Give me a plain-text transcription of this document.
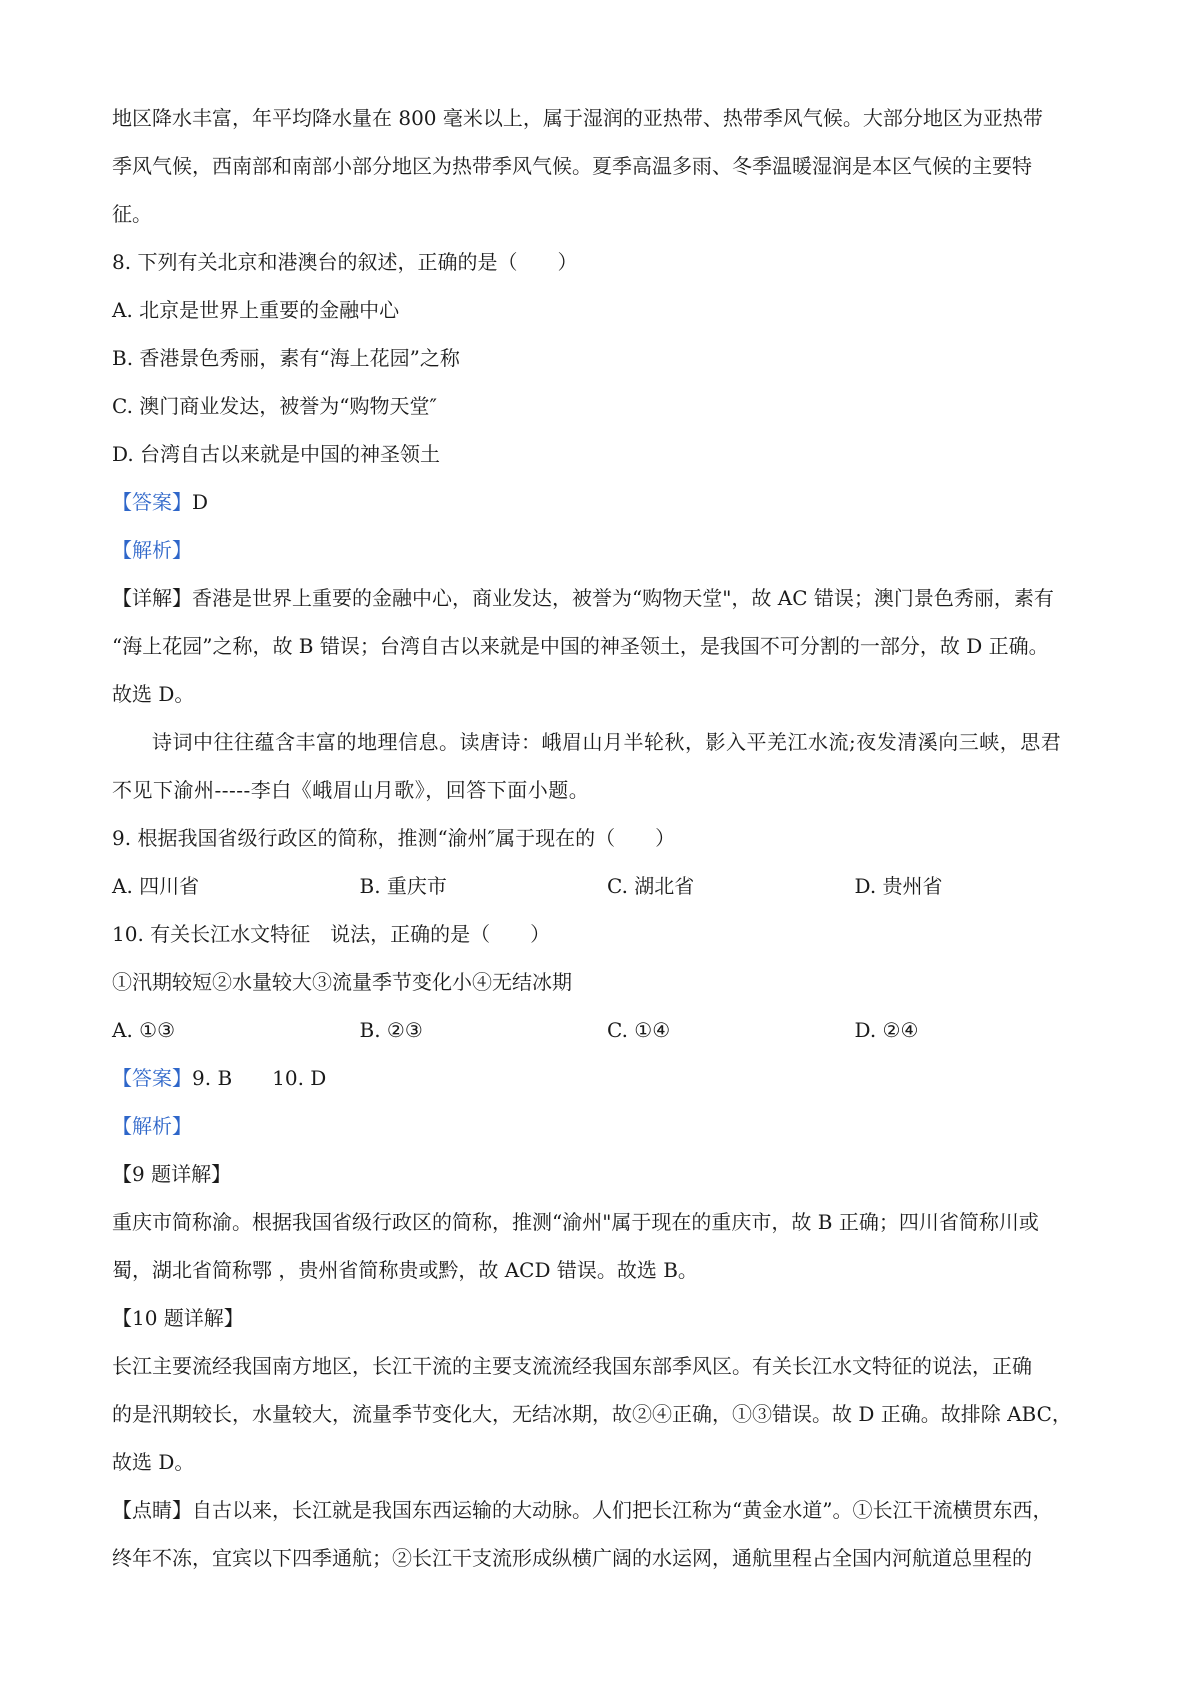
地区降水丰富，年平均降水量在 800 毫米以上，属于湿润的亚热带、热带季风气候。大部分地区为亚热带
季风气候，西南部和南部小部分地区为热带季风气候。夏季高温多雨、冬季温暖湿润是本区气候的主要特
征。
8. 下列有关北京和港澳台的叙述，正确的是（　　）
A. 北京是世界上重要的金融中心
B. 香港景色秀丽，素有“海上花园”之称
C. 澳门商业发达，被誉为“购物天堂″
D. 台湾自古以来就是中国的神圣领土
【答案】D
【解析】
【详解】香港是世界上重要的金融中心，商业发达，被誉为“购物天堂"，故 AC 错误；澳门景色秀丽，素有
“海上花园”之称，故 B 错误；台湾自古以来就是中国的神圣领土，是我国不可分割的一部分，故 D 正确。
故选 D。
诗词中往往蕴含丰富的地理信息。读唐诗：峨眉山月半轮秋，影入平羌江水流;夜发清溪向三峡，思君
不见下渝州-----李白《峨眉山月歌》，回答下面小题。
9. 根据我国省级行政区的简称，推测“渝州″属于现在的（　　）
A. 四川省	B. 重庆市	C. 湖北省	D. 贵州省
10. 有关长江水文特征　说法，正确的是（　　）
①汛期较短②水量较大③流量季节变化小④无结冰期
A. ①③	B. ②③	C. ①④	D. ②④
【答案】9. B　　10. D
【解析】
【9 题详解】
重庆市简称渝。根据我国省级行政区的简称，推测“渝州"属于现在的重庆市，故 B 正确；四川省简称川或
蜀，湖北省简称鄂 ，贵州省简称贵或黔，故 ACD 错误。故选 B。
【10 题详解】
长江主要流经我国南方地区，长江干流的主要支流流经我国东部季风区。有关长江水文特征的说法，正确
的是汛期较长，水量较大，流量季节变化大，无结冰期，故②④正确，①③错误。故 D 正确。故排除 ABC，
故选 D。
【点睛】自古以来，长江就是我国东西运输的大动脉。人们把长江称为“黄金水道”。①长江干流横贯东西，
终年不冻，宜宾以下四季通航；②长江干支流形成纵横广阔的水运网，通航里程占全国内河航道总里程的
